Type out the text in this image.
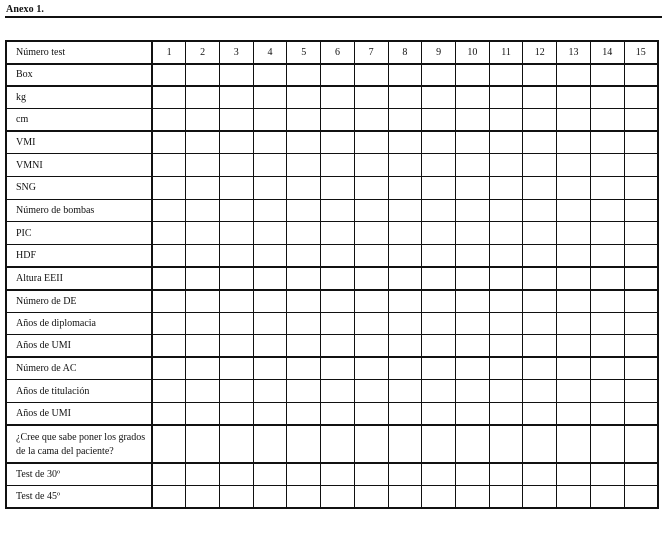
Anexo 1.
Número test	1	2	3	4	5	6	7	8	9	10	11	12	13	14	15
Box															
kg															
cm															
VMI															
VMNI															
SNG															
Número de bombas															
PIC															
HDF															
Altura EEII															
Número de DE															
Años de diplomacia															
Años de UMI															
Número de AC															
Años de titulación															
Años de UMI															
¿Cree que sabe poner los grados de la cama del paciente?															
Test de 30º															
Test de 45º															
